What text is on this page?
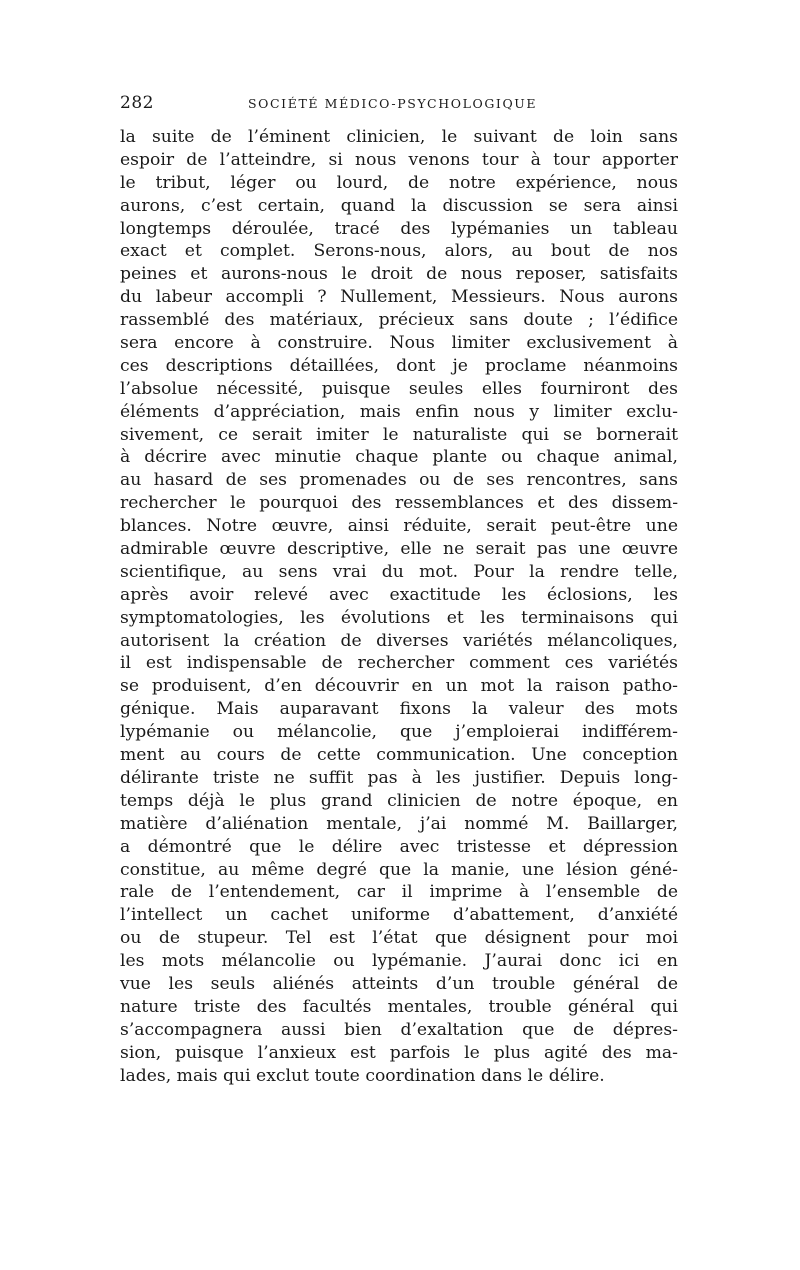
282	SOCIÉTÉ MÉDICO-PSYCHOLOGIQUE
la suite de l’éminent clinicien, le suivant de loin sans
espoir de l’atteindre, si nous venons tour à tour apporter
le tribut, léger ou lourd, de notre expérience, nous
aurons, c’est certain, quand la discussion se sera ainsi
longtemps déroulée, tracé des lypémanies un tableau
exact et complet. Serons-nous, alors, au bout de nos
peines et aurons-nous le droit de nous reposer, satisfaits
du labeur accompli ? Nullement, Messieurs. Nous aurons
rassemblé des matériaux, précieux sans doute ; l’édifice
sera encore à construire. Nous limiter exclusivement à
ces descriptions détaillées, dont je proclame néanmoins
l’absolue nécessité, puisque seules elles fourniront des
éléments d’appréciation, mais enfin nous y limiter exclu-
sivement, ce serait imiter le naturaliste qui se bornerait
à décrire avec minutie chaque plante ou chaque animal,
au hasard de ses promenades ou de ses rencontres, sans
rechercher le pourquoi des ressemblances et des dissem-
blances. Notre œuvre, ainsi réduite, serait peut-être une
admirable œuvre descriptive, elle ne serait pas une œuvre
scientifique, au sens vrai du mot. Pour la rendre telle,
après avoir relevé avec exactitude les éclosions, les
symptomatologies, les évolutions et les terminaisons qui
autorisent la création de diverses variétés mélancoliques,
il est indispensable de rechercher comment ces variétés
se produisent, d’en découvrir en un mot la raison patho-
génique. Mais auparavant fixons la valeur des mots
lypémanie ou mélancolie, que j’emploierai indifférem-
ment au cours de cette communication. Une conception
délirante triste ne suffit pas à les justifier. Depuis long-
temps déjà le plus grand clinicien de notre époque, en
matière d’aliénation mentale, j’ai nommé M. Baillarger,
a démontré que le délire avec tristesse et dépression
constitue, au même degré que la manie, une lésion géné-
rale de l’entendement, car il imprime à l’ensemble de
l’intellect un cachet uniforme d’abattement, d’anxiété
ou de stupeur. Tel est l’état que désignent pour moi
les mots mélancolie ou lypémanie. J’aurai donc ici en
vue les seuls aliénés atteints d’un trouble général de
nature triste des facultés mentales, trouble général qui
s’accompagnera aussi bien d’exaltation que de dépres-
sion, puisque l’anxieux est parfois le plus agité des ma-
lades, mais qui exclut toute coordination dans le délire.
